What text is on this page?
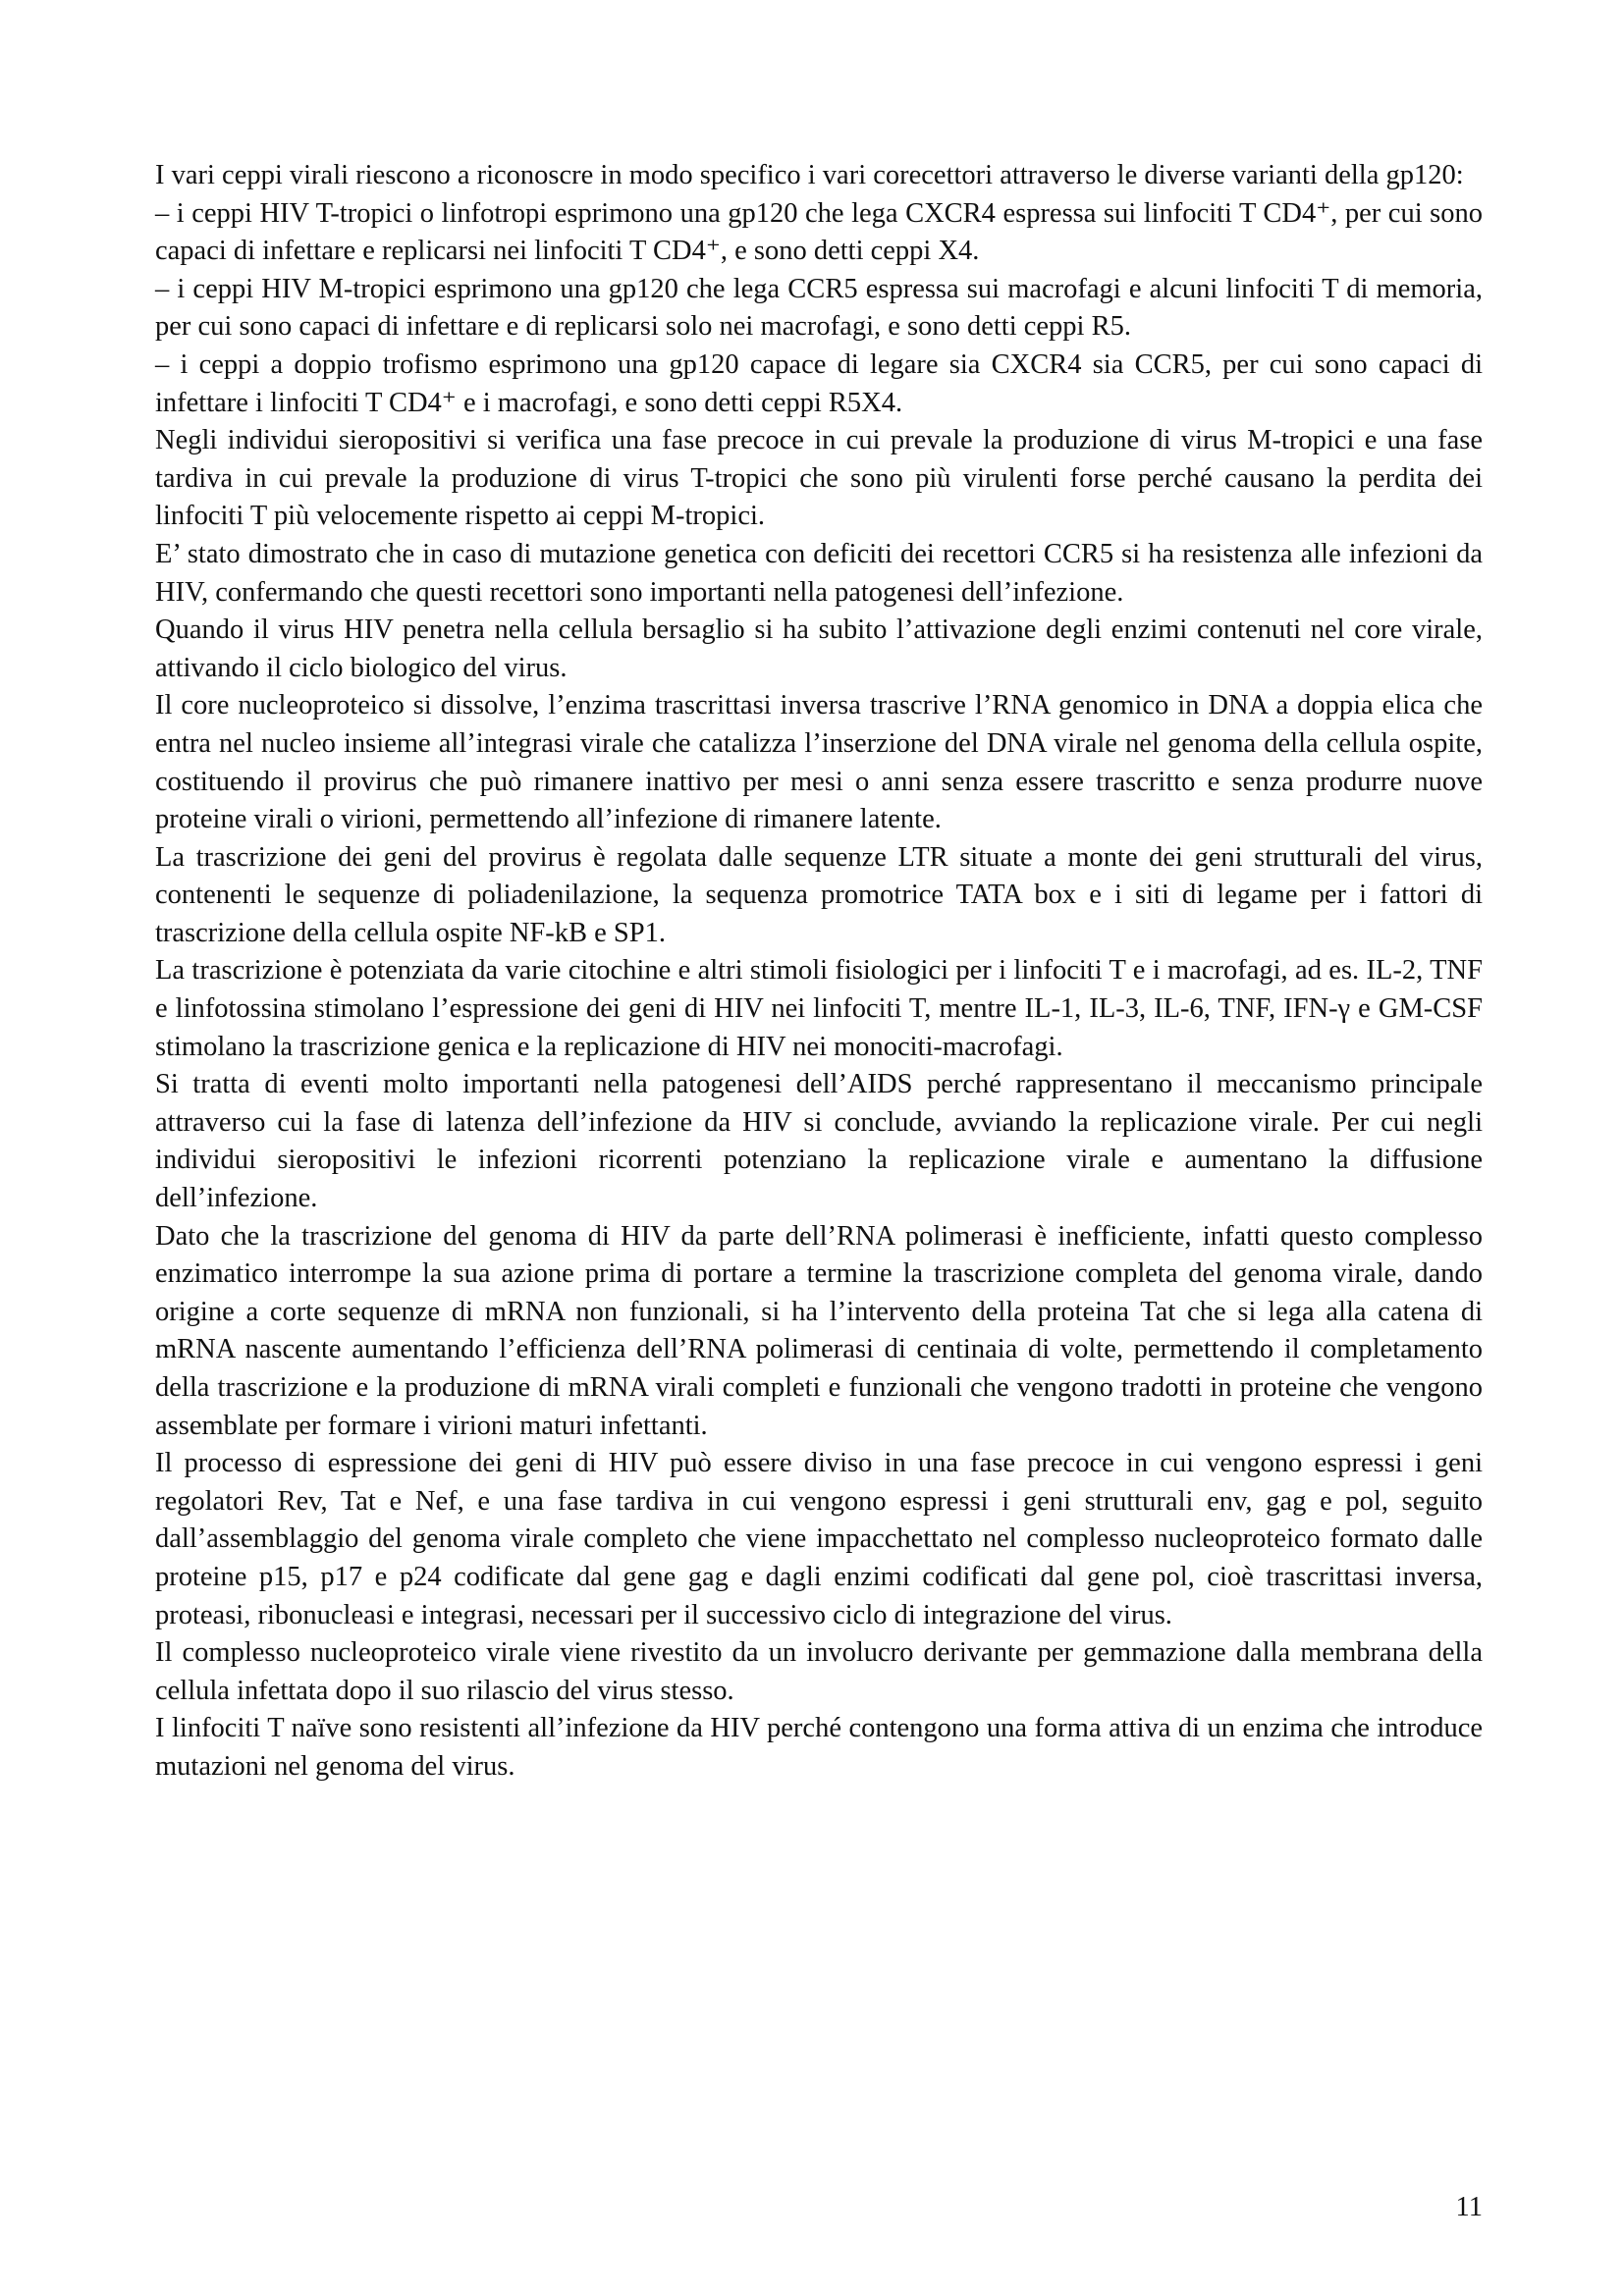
I vari ceppi virali riescono a riconoscre in modo specifico i vari corecettori attraverso le diverse varianti della gp120:

– i ceppi HIV T-tropici o linfotropi esprimono una gp120 che lega CXCR4 espressa sui linfociti T CD4⁺, per cui sono capaci di infettare e replicarsi nei linfociti T CD4⁺, e sono detti ceppi X4.

– i ceppi HIV M-tropici esprimono una gp120 che lega CCR5 espressa sui macrofagi e alcuni linfociti T di memoria, per cui sono capaci di infettare e di replicarsi solo nei macrofagi, e sono detti ceppi R5.

– i ceppi a doppio trofismo esprimono una gp120 capace di legare sia CXCR4 sia CCR5, per cui sono capaci di infettare i linfociti T CD4⁺ e i macrofagi, e sono detti ceppi R5X4.

Negli individui sieropositivi si verifica una fase precoce in cui prevale la produzione di virus M-tropici e una fase tardiva in cui prevale la produzione di virus T-tropici che sono più virulenti forse perché causano la perdita dei linfociti T più velocemente rispetto ai ceppi M-tropici.

E’ stato dimostrato che in caso di mutazione genetica con deficiti dei recettori CCR5 si ha resistenza alle infezioni da HIV, confermando che questi recettori sono importanti nella patogenesi dell’infezione.

Quando il virus HIV penetra nella cellula bersaglio si ha subito l’attivazione degli enzimi contenuti nel core virale, attivando il ciclo biologico del virus.

Il core nucleoproteico si dissolve, l’enzima trascrittasi inversa trascrive l’RNA genomico in DNA a doppia elica che entra nel nucleo insieme all’integrasi virale che catalizza l’inserzione del DNA virale nel genoma della cellula ospite, costituendo il provirus che può rimanere inattivo per mesi o anni senza essere trascritto e senza produrre nuove proteine virali o virioni, permettendo all’infezione di rimanere latente.

La trascrizione dei geni del provirus è regolata dalle sequenze LTR situate a monte dei geni strutturali del virus, contenenti le sequenze di poliadenilazione, la sequenza promotrice TATA box e i siti di legame per i fattori di trascrizione della cellula ospite NF-kB e SP1.

La trascrizione è potenziata da varie citochine e altri stimoli fisiologici per i linfociti T e i macrofagi, ad es. IL-2, TNF e linfotossina stimolano l’espressione dei geni di HIV nei linfociti T, mentre IL-1, IL-3, IL-6, TNF, IFN-γ e GM-CSF stimolano la trascrizione genica e la replicazione di HIV nei monociti-macrofagi.

Si tratta di eventi molto importanti nella patogenesi dell’AIDS perché rappresentano il meccanismo principale attraverso cui la fase di latenza dell’infezione da HIV si conclude, avviando la replicazione virale. Per cui negli individui sieropositivi le infezioni ricorrenti potenziano la replicazione virale e aumentano la diffusione dell’infezione.

Dato che la trascrizione del genoma di HIV da parte dell’RNA polimerasi è inefficiente, infatti questo complesso enzimatico interrompe la sua azione prima di portare a termine la trascrizione completa del genoma virale, dando origine a corte sequenze di mRNA non funzionali, si ha l’intervento della proteina Tat che si lega alla catena di mRNA nascente aumentando l’efficienza dell’RNA polimerasi di centinaia di volte, permettendo il completamento della trascrizione e la produzione di mRNA virali completi e funzionali che vengono tradotti in proteine che vengono assemblate per formare i virioni maturi infettanti.

Il processo di espressione dei geni di HIV può essere diviso in una fase precoce in cui vengono espressi i geni regolatori Rev, Tat e Nef, e una fase tardiva in cui vengono espressi i geni strutturali env, gag e pol, seguito dall’assemblaggio del genoma virale completo che viene impacchettato nel complesso nucleoproteico formato dalle proteine p15, p17 e p24 codificate dal gene gag e dagli enzimi codificati dal gene pol, cioè trascrittasi inversa, proteasi, ribonucleasi e integrasi, necessari per il successivo ciclo di integrazione del virus.

Il complesso nucleoproteico virale viene rivestito da un involucro derivante per gemmazione dalla membrana della cellula infettata dopo il suo rilascio del virus stesso.

I linfociti T naïve sono resistenti all’infezione da HIV perché contengono una forma attiva di un enzima che introduce mutazioni nel genoma del virus.

11
